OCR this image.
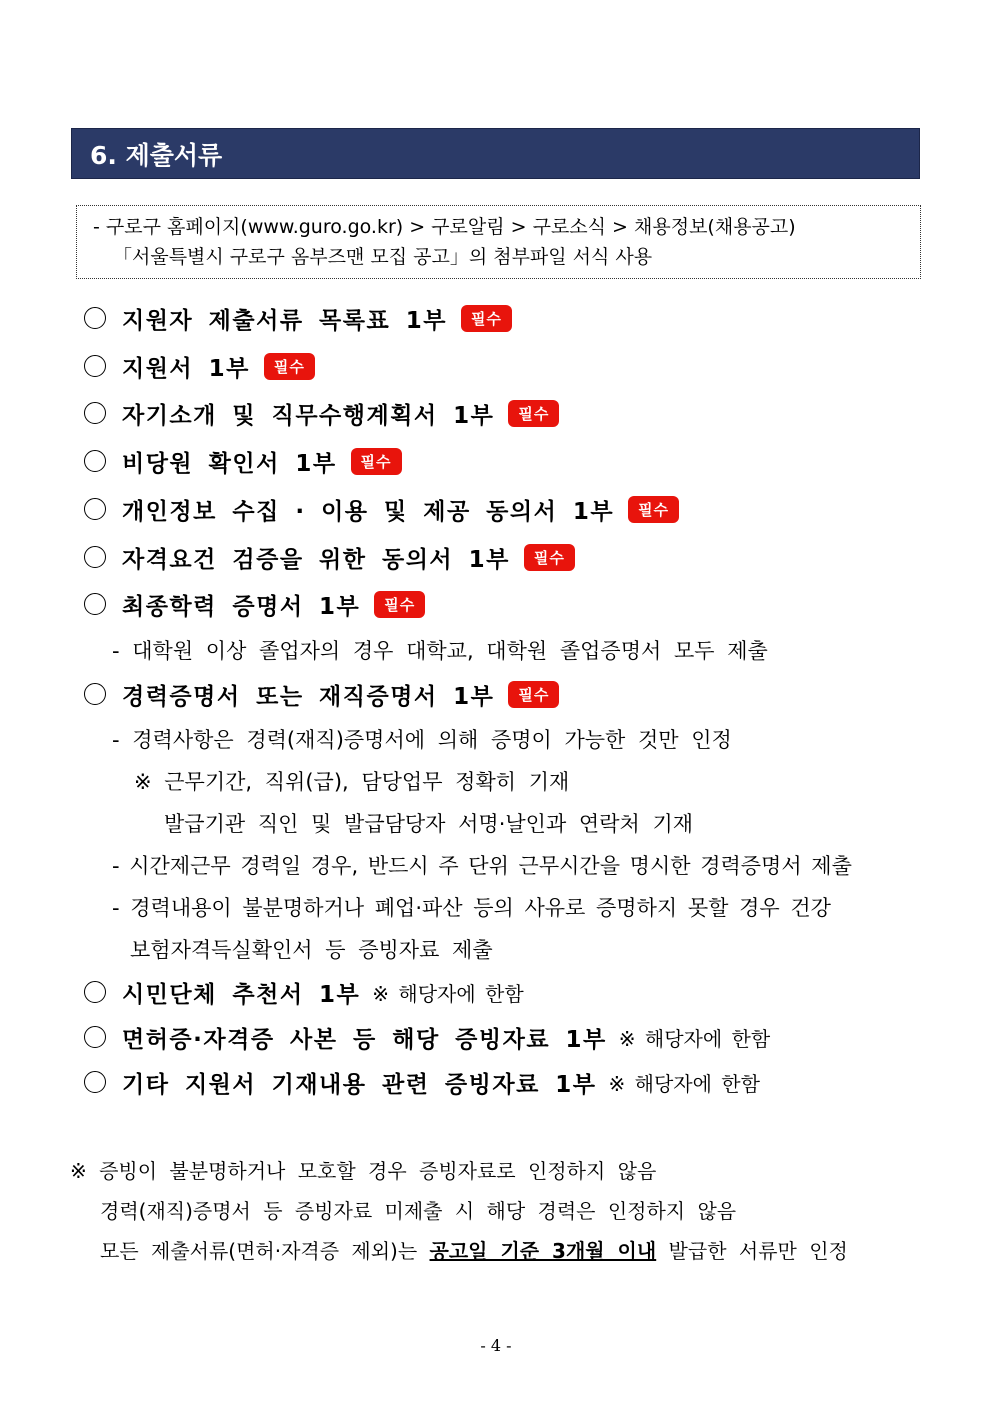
6. 제출서류
- 구로구 홈페이지(www.guro.go.kr) > 구로알림 > 구로소식 > 채용정보(채용공고)
「서울특별시 구로구 옴부즈맨 모집 공고」의 첨부파일 서식 사용
지원자 제출서류 목록표 1부	필수
지원서 1부	필수
자기소개 및 직무수행계획서 1부	필수
비당원 확인서 1부	필수
개인정보 수집 · 이용 및 제공 동의서 1부	필수
자격요건 검증을 위한 동의서 1부	필수
최종학력 증명서 1부	필수
- 대학원 이상 졸업자의 경우 대학교, 대학원 졸업증명서 모두 제출
경력증명서 또는 재직증명서 1부	필수
- 경력사항은 경력(재직)증명서에 의해 증명이 가능한 것만 인정
※ 근무기간, 직위(급), 담당업무 정확히 기재
발급기관 직인 및 발급담당자 서명·날인과 연락처 기재
- 시간제근무 경력일 경우, 반드시 주 단위 근무시간을 명시한 경력증명서 제출
- 경력내용이 불분명하거나 폐업·파산 등의 사유로 증명하지 못할 경우 건강
보험자격득실확인서 등 증빙자료 제출
시민단체 추천서 1부 ※ 해당자에 한함
면허증·자격증 사본 등 해당 증빙자료 1부 ※ 해당자에 한함
기타 지원서 기재내용 관련 증빙자료 1부 ※ 해당자에 한함
※ 증빙이 불분명하거나 모호할 경우 증빙자료로 인정하지 않음
경력(재직)증명서 등 증빙자료 미제출 시 해당 경력은 인정하지 않음
모든 제출서류(면허·자격증 제외)는 공고일 기준 3개월 이내 발급한 서류만 인정
- 4 -
